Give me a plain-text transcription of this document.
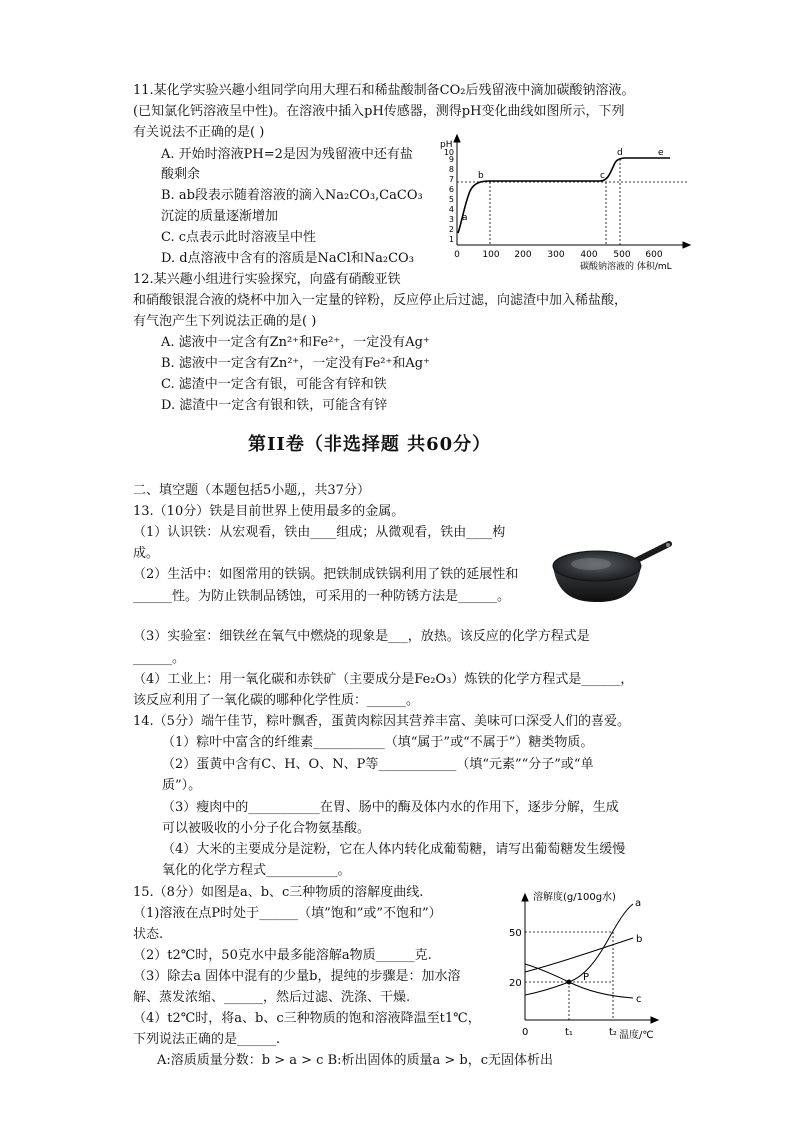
11.某化学实验兴趣小组同学向用大理石和稀盐酸制备CO₂后残留液中滴加碳酸钠溶液。
(已知氯化钙溶液呈中性)。在溶液中插入pH传感器，测得pH变化曲线如图所示，下列
有关说法不正确的是( )
A. 开始时溶液PH=2是因为残留液中还有盐
酸剩余
B. ab段表示随着溶液的滴入Na₂CO₃,CaCO₃
沉淀的质量逐渐增加
C. c点表示此时溶液呈中性
D. d点溶液中含有的溶质是NaCl和Na₂CO₃
pH
1
2
3
4
5
6
7
8
9
10
0	100 200 300 400 500 600
a
b	c
d	e
碳酸钠溶液的 体积/mL
12.某兴趣小组进行实验探究，向盛有硝酸亚铁
和硝酸银混合液的烧杯中加入一定量的锌粉，反应停止后过滤，向滤渣中加入稀盐酸，
有气泡产生下列说法正确的是( )
A. 滤液中一定含有Zn²⁺和Fe²⁺，一定没有Ag⁺
B. 滤液中一定含有Zn²⁺，一定没有Fe²⁺和Ag⁺
C. 滤渣中一定含有银，可能含有锌和铁
D. 滤渣中一定含有银和铁，可能含有锌
第II卷（非选择题 共60分）
二、填空题（本题包括5小题,，共37分）
13.（10分）铁是目前世界上使用最多的金属。
（1）认识铁：从宏观看，铁由____组成；从微观看，铁由____构
成。
（2）生活中：如图常用的铁锅。把铁制成铁锅利用了铁的延展性和
______性。为防止铁制品锈蚀，可采用的一种防锈方法是______。
（3）实验室：细铁丝在氧气中燃烧的现象是___，放热。该反应的化学方程式是
______。
（4）工业上：用一氧化碳和赤铁矿（主要成分是Fe₂O₃）炼铁的化学方程式是______，
该反应利用了一氧化碳的哪种化学性质：______。
14.（5分）端午佳节，粽叶飘香，蛋黄肉粽因其营养丰富、美味可口深受人们的喜爱。
（1）粽叶中富含的纤维素___________（填“属于”或“不属于”）糖类物质。
（2）蛋黄中含有C、H、O、N、P等____________（填“元素”“分子”或“单
质”）。
（3）瘦肉中的___________在胃、肠中的酶及体内水的作用下，逐步分解，生成
可以被吸收的小分子化合物氨基酸。
（4）大米的主要成分是淀粉，它在人体内转化成葡萄糖，请写出葡萄糖发生缓慢
氧化的化学方程式___________。
15.（8分）如图是a、b、c三种物质的溶解度曲线.
（1)溶液在点P时处于______（填”饱和”或”不饱和”）
状态.
（2）t2℃时，50克水中最多能溶解a物质______克.
（3）除去a 固体中混有的少量b，提纯的步骤是：加水溶
解、蒸发浓缩、______，然后过滤、洗涤、干燥.
（4）t2℃时，将a、b、c三种物质的饱和溶液降温至t1℃，
下列说法正确的是______.
A:溶质质量分数：b > a > c B:析出固体的质量a > b，c无固体析出
溶解度(g/100g水)
50
20
0	t₁	t₂ 温度/℃
a
b
c
P
